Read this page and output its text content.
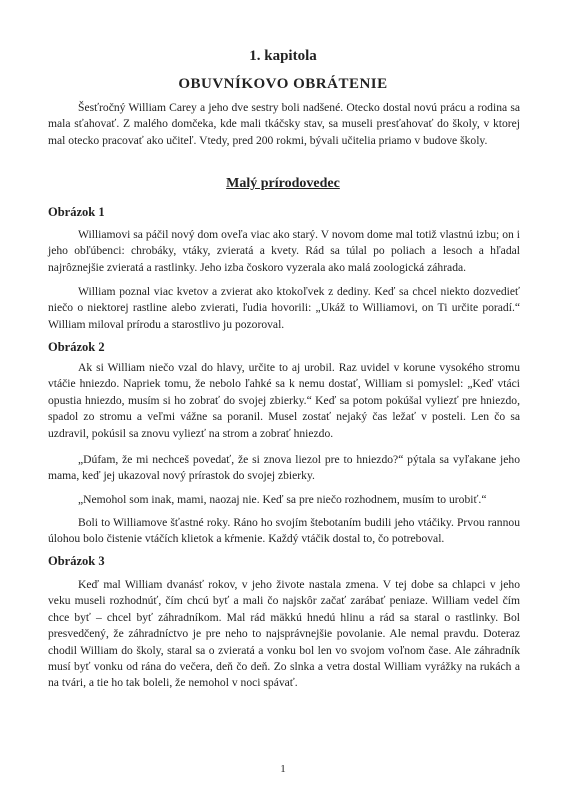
1. kapitola
OBUVNÍKOVO OBRÁTENIE

Šesťročný William Carey a jeho dve sestry boli nadšené. Otecko dostal novú prácu a rodina sa mala sťahovať. Z malého domčeka, kde mali tkáčsky stav, sa museli presťahovať do školy, v ktorej mal otecko pracovať ako učiteľ. Vtedy, pred 200 rokmi, bývali učitelia priamo v budove školy.

Malý prírodovedec
Obrázok 1

Williamovi sa páčil nový dom oveľa viac ako starý. V novom dome mal totiž vlastnú izbu; on i jeho obľúbenci: chrobáky, vtáky, zvieratá a kvety. Rád sa túlal po poliach a lesoch a hľadal najrôznejšie zvieratá a rastlinky. Jeho izba čoskoro vyzerala ako malá zoologická záhrada.

William poznal viac kvetov a zvierat ako ktokoľvek z dediny. Keď sa chcel niekto dozvedieť niečo o niektorej rastline alebo zvierati, ľudia hovorili: „Ukáž to Williamovi, on Ti určite poradí.“ William miloval prírodu a starostlivo ju pozoroval.

Obrázok 2

Ak si William niečo vzal do hlavy, určite to aj urobil. Raz uvidel v korune vysokého stromu vtáčie hniezdo. Napriek tomu, že nebolo ľahké sa k nemu dostať, William si pomyslel: „Keď vtáci opustia hniezdo, musím si ho zobrať do svojej zbierky.“ Keď sa potom pokúšal vyliezť pre hniezdo, spadol zo stromu a veľmi vážne sa poranil. Musel zostať nejaký čas ležať v posteli. Len čo sa uzdravil, pokúsil sa znovu vyliezť na strom a zobrať hniezdo.

„Dúfam, že mi nechceš povedať, že si znova liezol pre to hniezdo?“ pýtala sa vyľakane jeho mama, keď jej ukazoval nový prírastok do svojej zbierky.

„Nemohol som inak, mami, naozaj nie. Keď sa pre niečo rozhodnem, musím to urobiť.“

Boli to Williamove šťastné roky. Ráno ho svojím štebotaním budili jeho vtáčiky. Prvou rannou úlohou bolo čistenie vtáčích klietok a kŕmenie. Každý vtáčik dostal to, čo potreboval.

Obrázok 3

Keď mal William dvanásť rokov, v jeho živote nastala zmena. V tej dobe sa chlapci v jeho veku museli rozhodnúť, čím chcú byť a mali čo najskôr začať zarábať peniaze. William vedel čím chce byť – chcel byť záhradníkom. Mal rád mäkkú hnedú hlinu a rád sa staral o rastlinky. Bol presvedčený, že záhradníctvo je pre neho to najsprávnejšie povolanie. Ale nemal pravdu. Doteraz chodil William do školy, staral sa o zvieratá a vonku bol len vo svojom voľnom čase. Ale záhradník musí byť vonku od rána do večera, deň čo deň. Zo slnka a vetra dostal William vyrážky na rukách a na tvári, a tie ho tak boleli, že nemohol v noci spávať.

1
